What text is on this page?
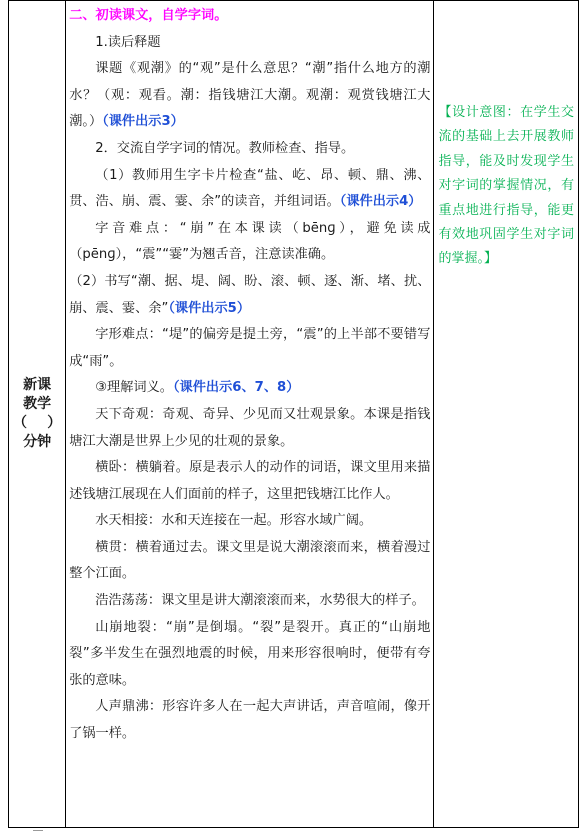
新课
教学
（	）
分钟

二、初读课文，自学字词。

1.读后释题

课题《观潮》的“观”是什么意思？“潮”指什么地方的潮水？（观：观看。潮：指钱塘江大潮。观潮：观赏钱塘江大潮。）（课件出示3）

2．交流自学字词的情况。教师检查、指导。

（1）教师用生字卡片检查“盐、屹、昂、顿、鼎、沸、贯、浩、崩、震、霎、余”的读音，并组词语。（课件出示4）

字音难点：“崩”在本课读（bēnɡ），避免读成（pēnɡ），“震”“霎”为翘舌音，注意读准确。

（2）书写“潮、据、堤、阔、盼、滚、顿、逐、渐、堵、扰、崩、震、霎、余”（课件出示5）

字形难点：“堤”的偏旁是提土旁，“震”的上半部不要错写成“雨”。

③理解词义。（课件出示6、7、8）

天下奇观：奇观、奇异、少见而又壮观景象。本课是指钱塘江大潮是世界上少见的壮观的景象。

横卧：横躺着。原是表示人的动作的词语，课文里用来描述钱塘江展现在人们面前的样子，这里把钱塘江比作人。

水天相接：水和天连接在一起。形容水域广阔。

横贯：横着通过去。课文里是说大潮滚滚而来，横着漫过整个江面。

浩浩荡荡：课文里是讲大潮滚滚而来，水势很大的样子。

山崩地裂：“崩”是倒塌。“裂”是裂开。真正的“山崩地裂”多半发生在强烈地震的时候，用来形容很响时，便带有夸张的意味。

人声鼎沸：形容许多人在一起大声讲话，声音喧闹，像开了锅一样。

【设计意图：在学生交流的基础上去开展教师指导，能及时发现学生对字词的掌握情况，有重点地进行指导，能更有效地巩固学生对字词的掌握。】
